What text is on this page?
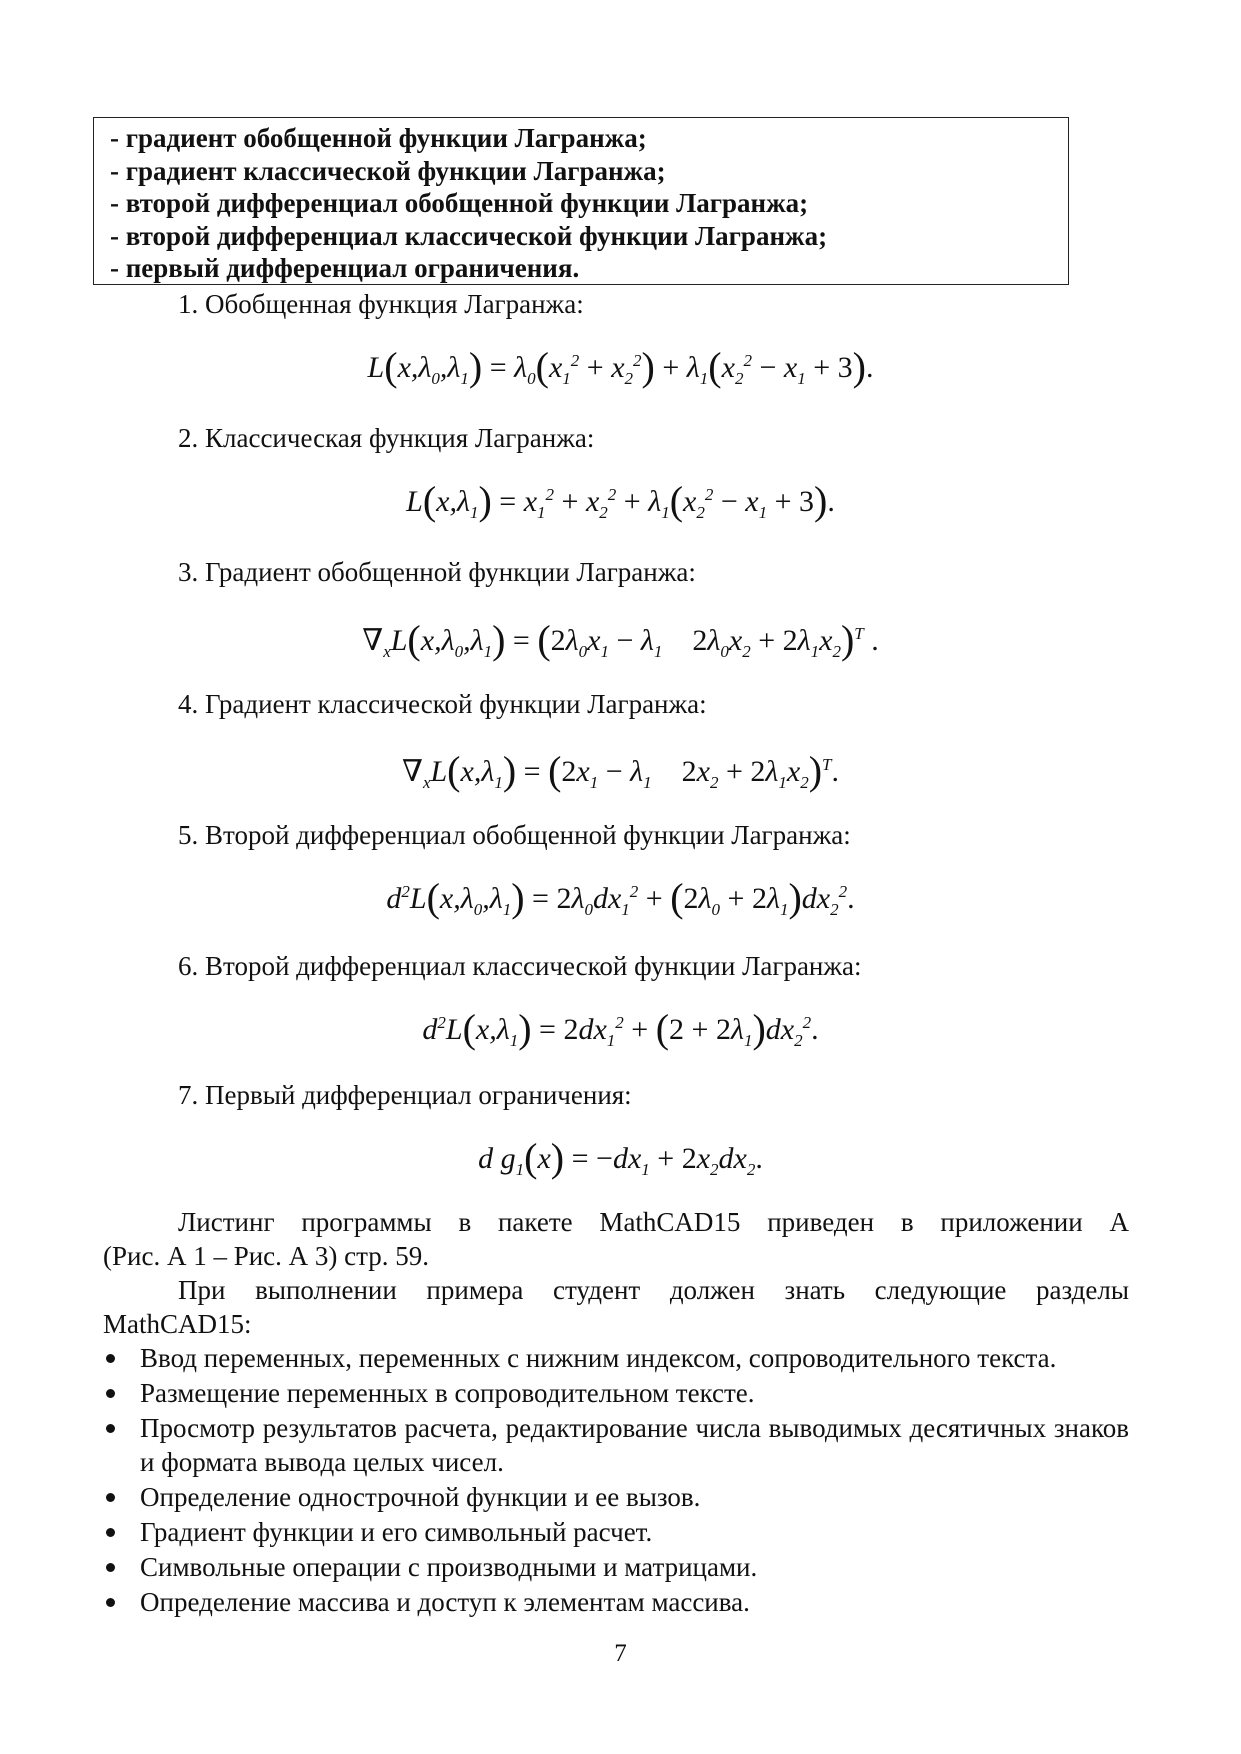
- градиент обобщенной функции Лагранжа;
- градиент классической функции Лагранжа;
- второй дифференциал обобщенной функции Лагранжа;
- второй дифференциал классической функции Лагранжа;
- первый дифференциал ограничения.
1. Обобщенная функция Лагранжа:
$L(x,\lambda_0,\lambda_1) = \lambda_0(x_1^2 + x_2^2) + \lambda_1(x_2^2 - x_1 + 3)$.
2. Классическая функция Лагранжа:
$L(x,\lambda_1) = x_1^2 + x_2^2 + \lambda_1(x_2^2 - x_1 + 3)$.
3. Градиент обобщенной функции Лагранжа:
$\nabla_xL(x,\lambda_0,\lambda_1) = (2\lambda_0x_1 - \lambda_1$ $2\lambda_0x_2 + 2\lambda_1x_2)^T$ .
4. Градиент классической функции Лагранжа:
$\nabla_xL(x,\lambda_1) = (2x_1 - \lambda_1$ $2x_2 + 2\lambda_1x_2)^T$.
5. Второй дифференциал обобщенной функции Лагранжа:
$d^2L(x,\lambda_0,\lambda_1) = 2\lambda_0dx_1^2 + (2\lambda_0 + 2\lambda_1)dx_2^2$.
6. Второй дифференциал классической функции Лагранжа:
$d^2L(x,\lambda_1) = 2dx_1^2 + (2 + 2\lambda_1)dx_2^2$.
7. Первый дифференциал ограничения:
d $g_1(x) = -dx_1 + 2x_2dx_2$.
Листинг программы в пакете MathCAD15 приведен в приложении А
(Рис. А 1 – Рис. А 3) стр. 59.
При выполнении примера студент должен знать следующие разделы
MathCAD15:
Ввод переменных, переменных с нижним индексом, сопроводительного текста.
Размещение переменных в сопроводительном тексте.
Просмотр результатов расчета, редактирование числа выводимых десятичных знаков и формата вывода целых чисел.
Определение однострочной функции и ее вызов.
Градиент функции и его символьный расчет.
Символьные операции с производными и матрицами.
Определение массива и доступ к элементам массива.
7
